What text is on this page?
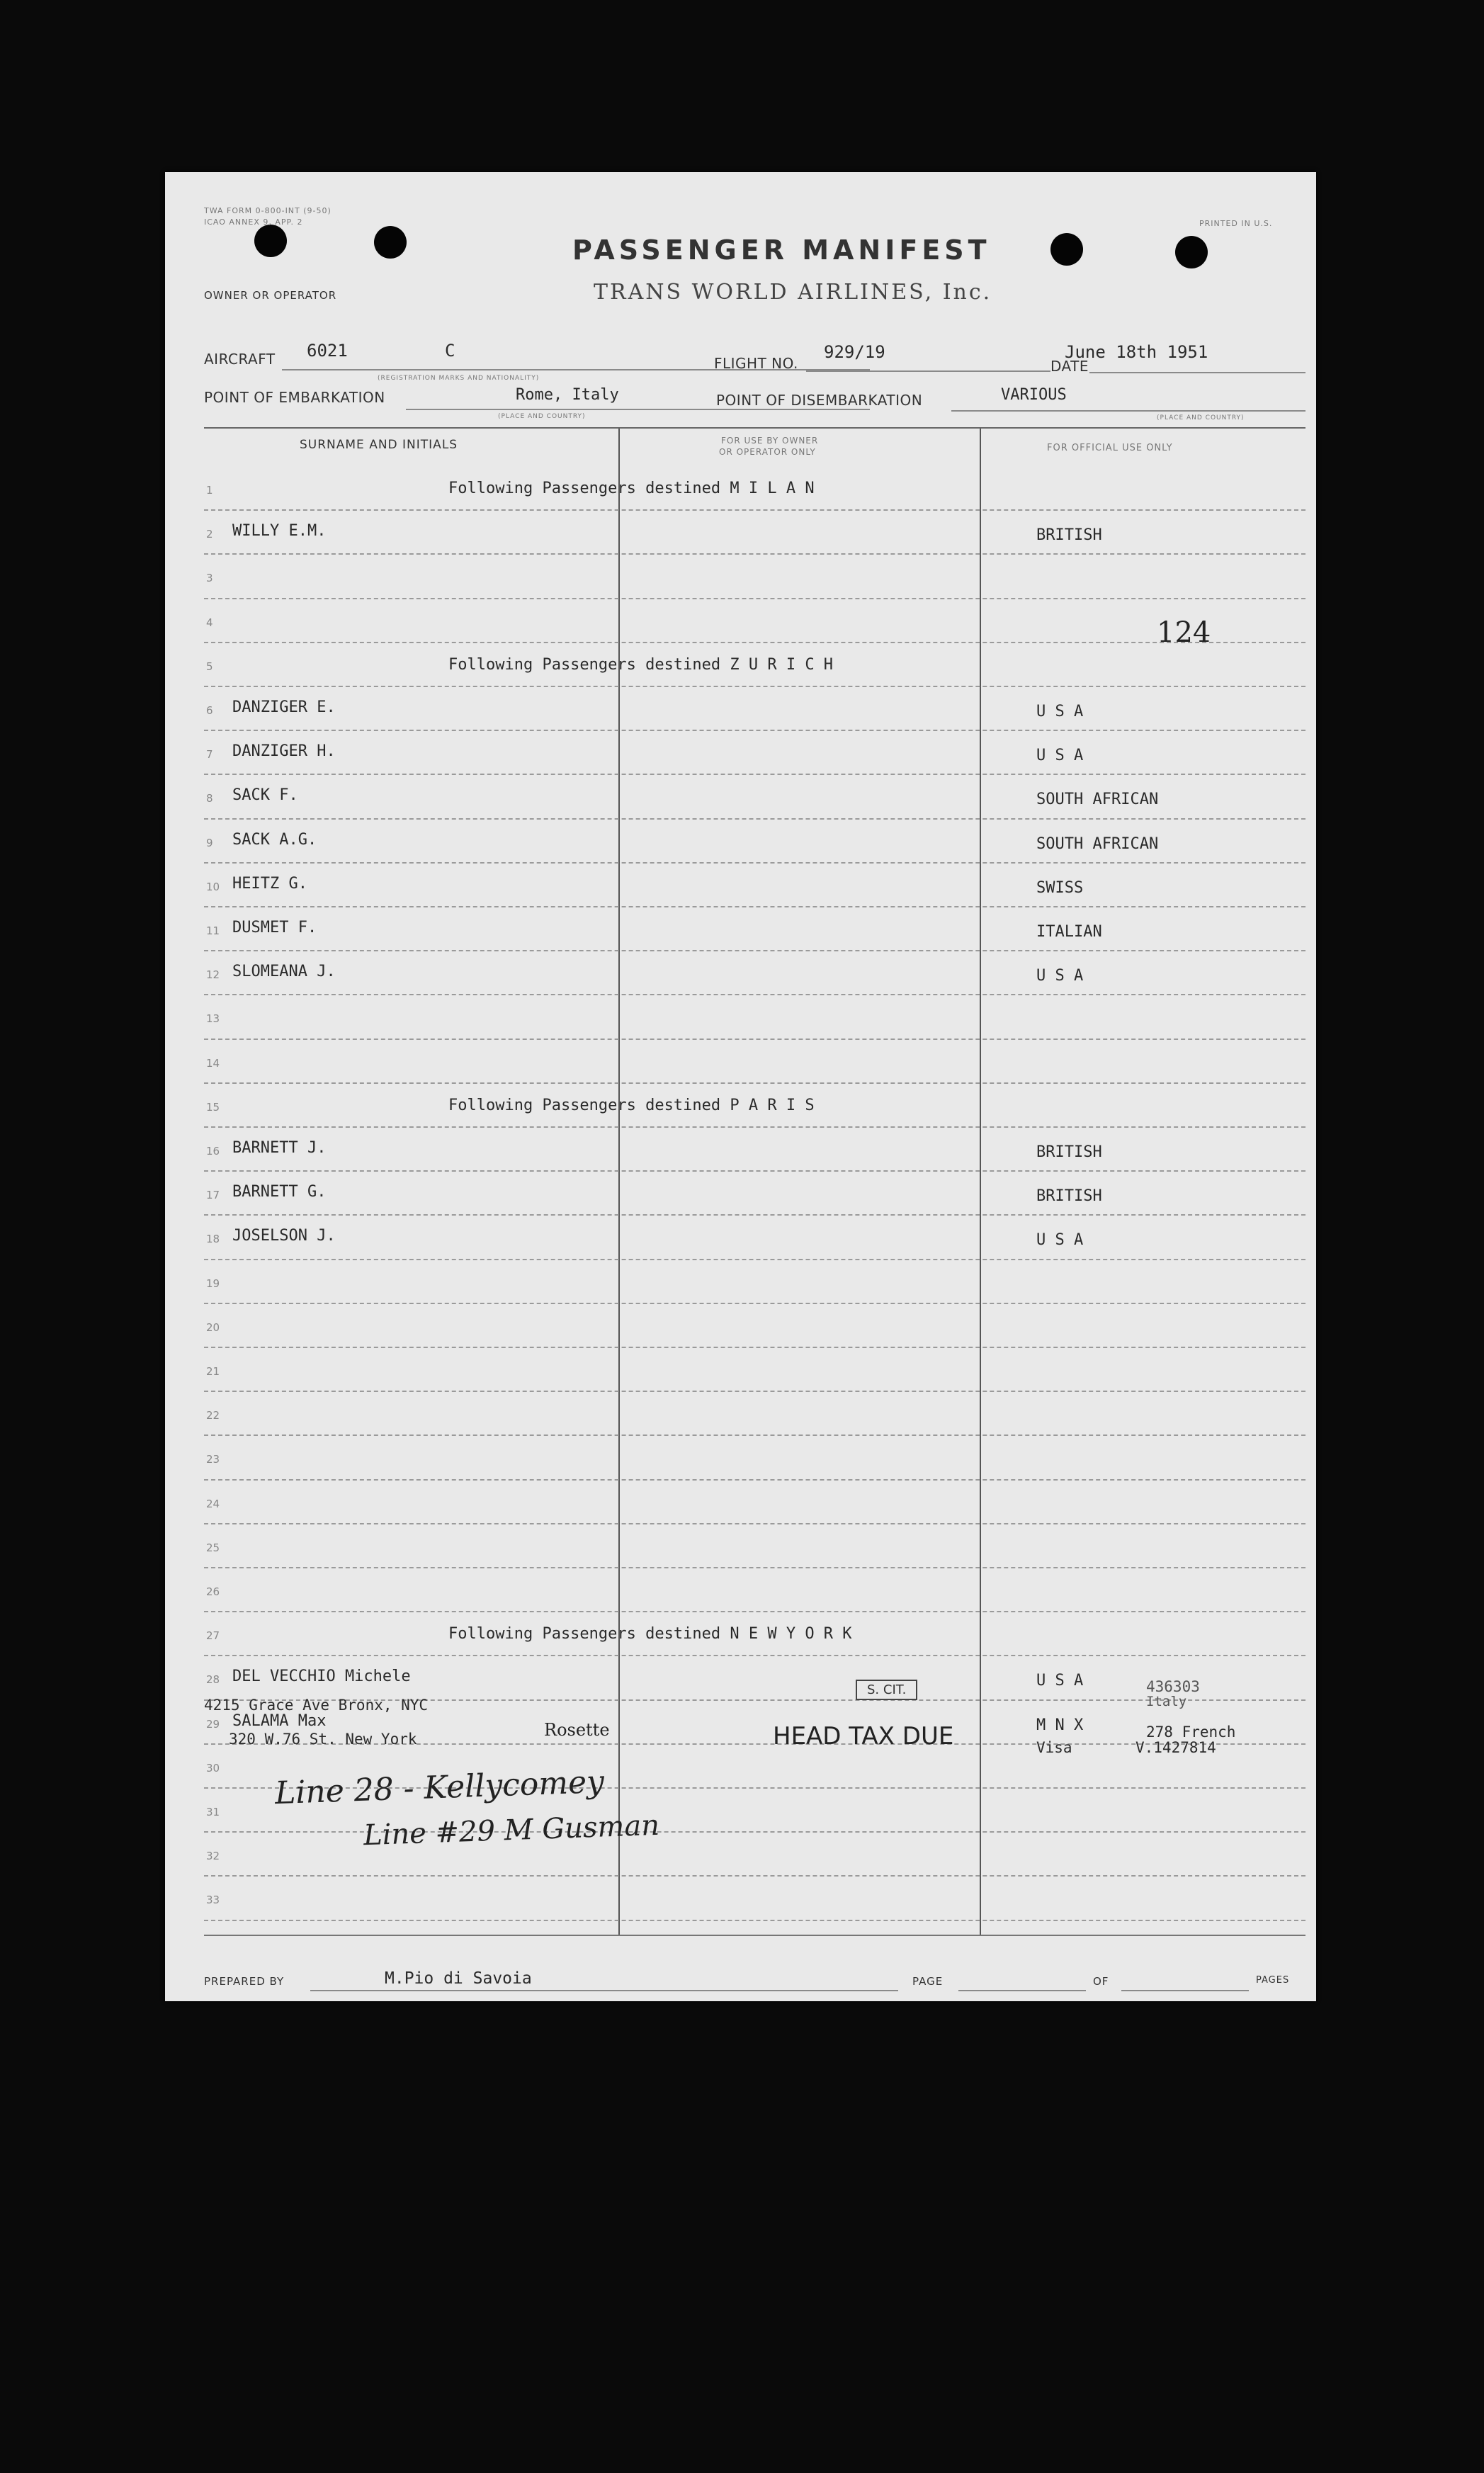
TWA FORM 0-800-INT (9-50)
ICAO ANNEX 9, APP. 2	PRINTED IN U.S.
OWNER OR OPERATOR
PASSENGER MANIFEST
TRANS WORLD AIRLINES, Inc.
AIRCRAFT 6021	C
(REGISTRATION MARKS AND NATIONALITY)
FLIGHT NO.
929/19
DATE
June 18th 1951
POINT OF EMBARKATION	Rome, Italy
(PLACE AND COUNTRY)
POINT OF DISEMBARKATION	VARIOUS
(PLACE AND COUNTRY)
SURNAME AND INITIALS	FOR USE BY OWNER
OR OPERATOR ONLY	FOR OFFICIAL USE ONLY
1	Following Passengers destined M I L A N
2 WILLY E.M.	BRITISH
3
4
5	Following Passengers destined Z U R I C H
6 DANZIGER E.	U S A
7 DANZIGER H.	U S A
8 SACK F.	SOUTH AFRICAN
9 SACK A.G.	SOUTH AFRICAN
10 HEITZ G.	SWISS
11 DUSMET F.	ITALIAN
12 SLOMEANA J.	U S A
13
14
15	Following Passengers destined P A R I S
16 BARNETT J.	BRITISH
17 BARNETT G.	BRITISH
18 JOSELSON J.	U S A
19
20
21
22
23
24
25
26
27	Following Passengers destined N E W Y O R K
28 DEL VECCHIO Michele	U S A
29 SALAMA Max	M N X
30
31
32
33
124
4215 Grace Ave Bronx, NYC
320 W.76 St. New York
S. CIT.
Rosette	HEAD TAX DUE
436303
Italy
Visa
278 French
V.1427814
Line 28 - Kellycomey
Line #29 M Gusman
PREPARED BY	M.Pio di Savoia	PAGE	OF	PAGES
